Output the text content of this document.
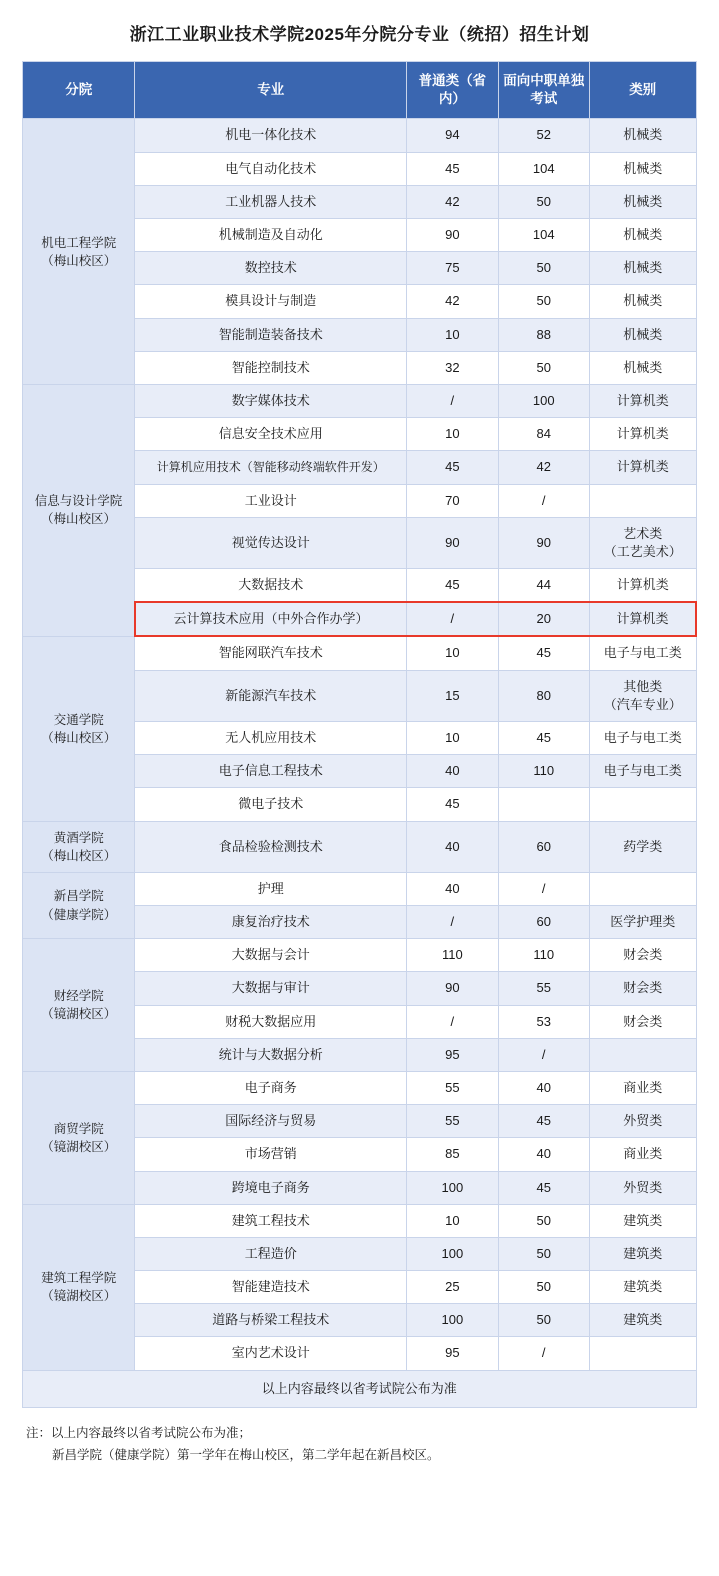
浙江工业职业技术学院2025年分院分专业（统招）招生计划
分院	专业	普通类（省内）	面向中职单独考试	类别
机电工程学院
（梅山校区）	机电一体化技术	94	52	机械类
	电气自动化技术	45	104	机械类
	工业机器人技术	42	50	机械类
	机械制造及自动化	90	104	机械类
	数控技术	75	50	机械类
	模具设计与制造	42	50	机械类
	智能制造装备技术	10	88	机械类
	智能控制技术	32	50	机械类
信息与设计学院
（梅山校区）	数字媒体技术	/	100	计算机类
	信息安全技术应用	10	84	计算机类
	计算机应用技术（智能移动终端软件开发）	45	42	计算机类
	工业设计	70	/	
	视觉传达设计	90	90	艺术类
（工艺美术）
	大数据技术	45	44	计算机类
	云计算技术应用（中外合作办学）	/	20	计算机类
交通学院
（梅山校区）	智能网联汽车技术	10	45	电子与电工类
	新能源汽车技术	15	80	其他类
（汽车专业）
	无人机应用技术	10	45	电子与电工类
	电子信息工程技术	40	110	电子与电工类
	微电子技术	45		
黄酒学院
（梅山校区）	食品检验检测技术	40	60	药学类
新昌学院
（健康学院）	护理	40	/	
	康复治疗技术	/	60	医学护理类
财经学院
（镜湖校区）	大数据与会计	110	110	财会类
	大数据与审计	90	55	财会类
	财税大数据应用	/	53	财会类
	统计与大数据分析	95	/	
商贸学院
（镜湖校区）	电子商务	55	40	商业类
	国际经济与贸易	55	45	外贸类
	市场营销	85	40	商业类
	跨境电子商务	100	45	外贸类
建筑工程学院
（镜湖校区）	建筑工程技术	10	50	建筑类
	工程造价	100	50	建筑类
	智能建造技术	25	50	建筑类
	道路与桥梁工程技术	100	50	建筑类
	室内艺术设计	95	/	
以上内容最终以省考试院公布为准				
注：以上内容最终以省考试院公布为准；
新昌学院（健康学院）第一学年在梅山校区，第二学年起在新昌校区。
